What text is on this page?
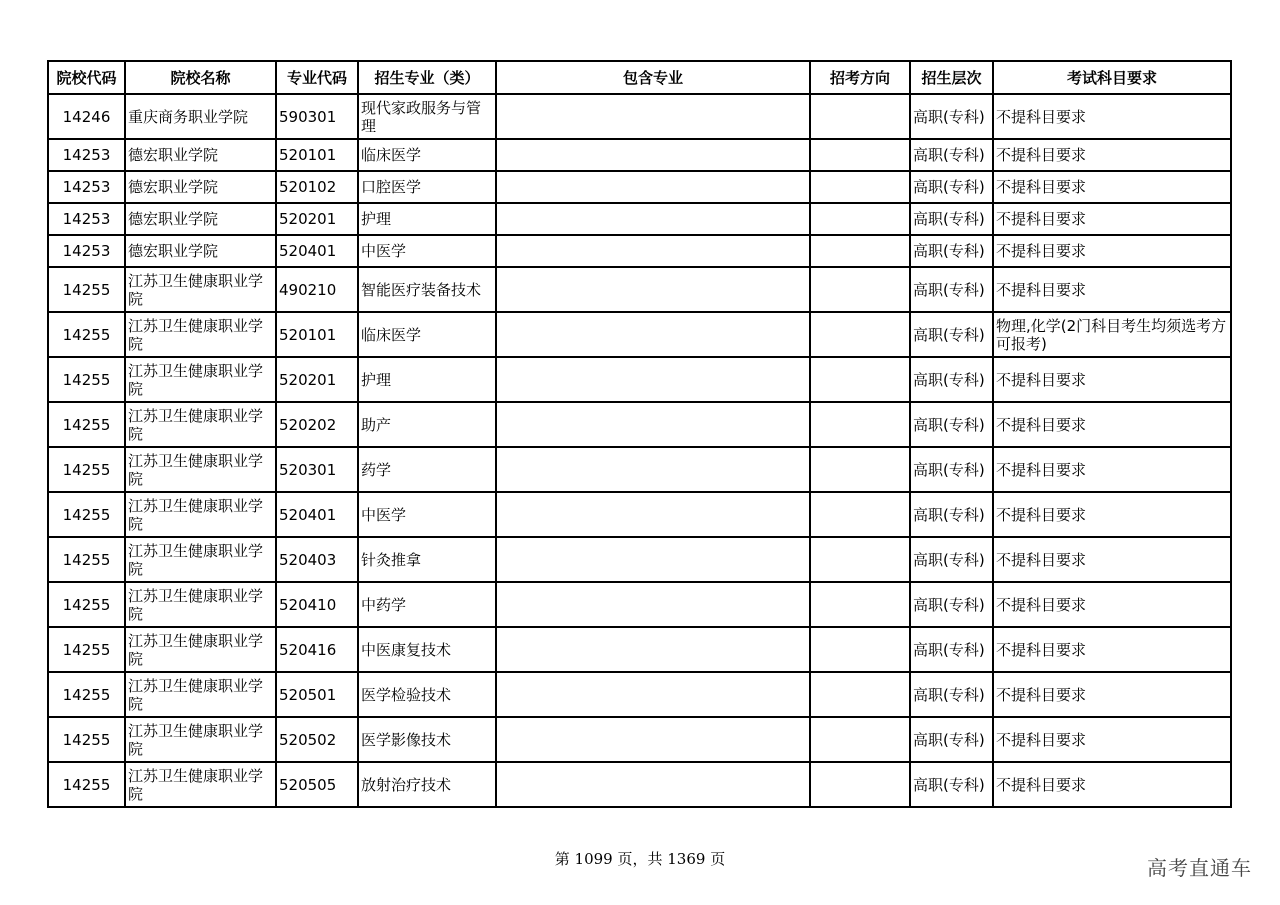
院校代码	院校名称	专业代码	招生专业（类）	包含专业	招考方向	招生层次	考试科目要求
14246	重庆商务职业学院	590301	现代家政服务与管理			高职(专科)	不提科目要求
14253	德宏职业学院	520101	临床医学			高职(专科)	不提科目要求
14253	德宏职业学院	520102	口腔医学			高职(专科)	不提科目要求
14253	德宏职业学院	520201	护理			高职(专科)	不提科目要求
14253	德宏职业学院	520401	中医学			高职(专科)	不提科目要求
14255	江苏卫生健康职业学院	490210	智能医疗装备技术			高职(专科)	不提科目要求
14255	江苏卫生健康职业学院	520101	临床医学			高职(专科)	物理,化学(2门科目考生均须选考方可报考)
14255	江苏卫生健康职业学院	520201	护理			高职(专科)	不提科目要求
14255	江苏卫生健康职业学院	520202	助产			高职(专科)	不提科目要求
14255	江苏卫生健康职业学院	520301	药学			高职(专科)	不提科目要求
14255	江苏卫生健康职业学院	520401	中医学			高职(专科)	不提科目要求
14255	江苏卫生健康职业学院	520403	针灸推拿			高职(专科)	不提科目要求
14255	江苏卫生健康职业学院	520410	中药学			高职(专科)	不提科目要求
14255	江苏卫生健康职业学院	520416	中医康复技术			高职(专科)	不提科目要求
14255	江苏卫生健康职业学院	520501	医学检验技术			高职(专科)	不提科目要求
14255	江苏卫生健康职业学院	520502	医学影像技术			高职(专科)	不提科目要求
14255	江苏卫生健康职业学院	520505	放射治疗技术			高职(专科)	不提科目要求
第 1099 页，共 1369 页	高考直通车
